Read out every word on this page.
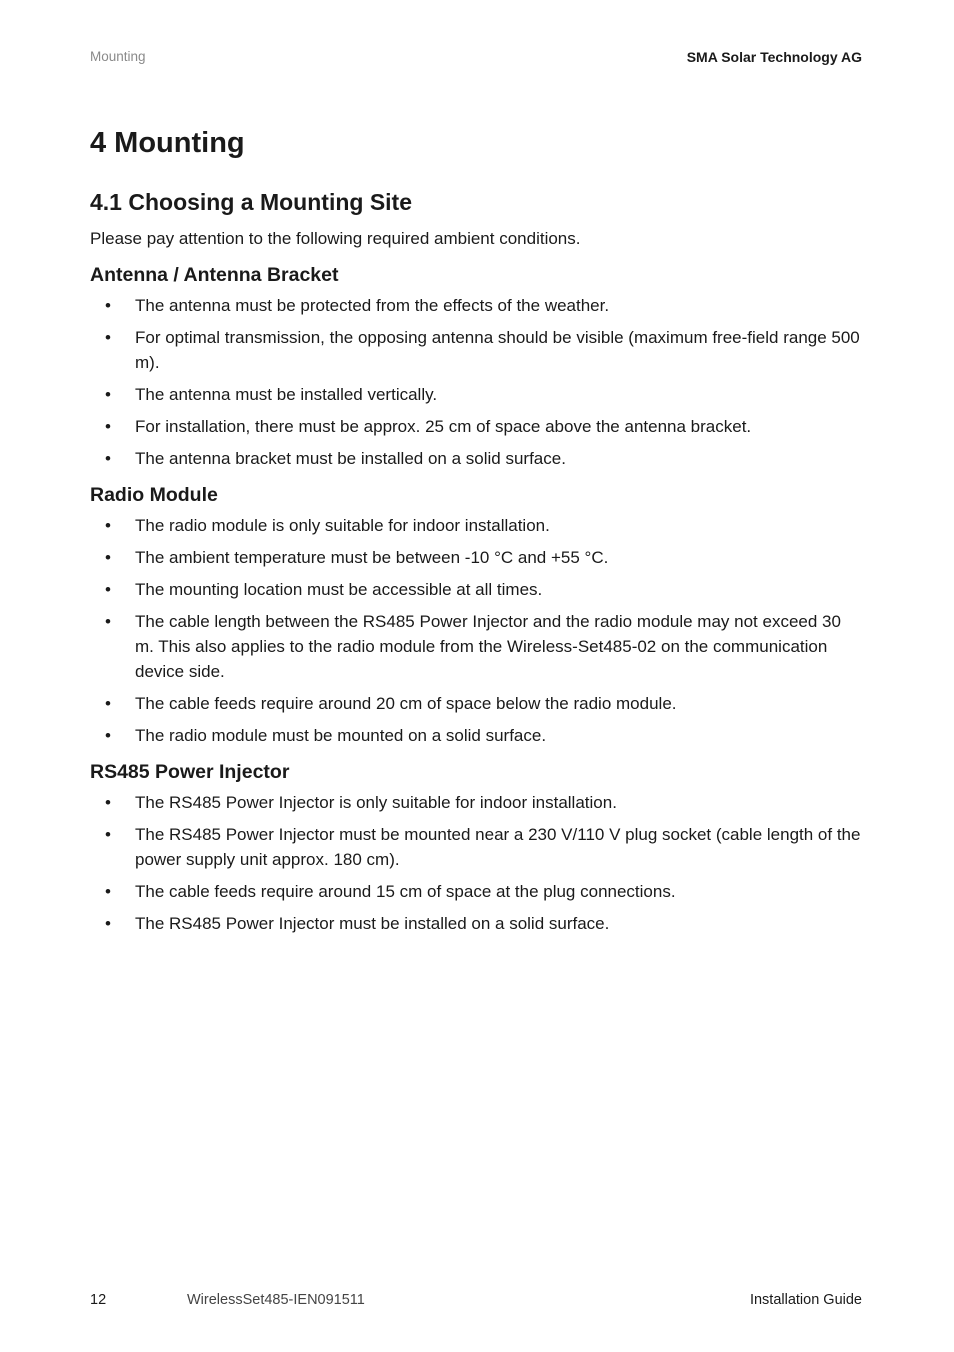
Mounting	SMA Solar Technology AG
4 Mounting
4.1 Choosing a Mounting Site

Please pay attention to the following required ambient conditions.

Antenna / Antenna Bracket
• The antenna must be protected from the effects of the weather.
• For optimal transmission, the opposing antenna should be visible (maximum free-field range 500 m).
• The antenna must be installed vertically.
• For installation, there must be approx. 25 cm of space above the antenna bracket.
• The antenna bracket must be installed on a solid surface.
Radio Module
• The radio module is only suitable for indoor installation.
• The ambient temperature must be between -10 °C and +55 °C.
• The mounting location must be accessible at all times.
• The cable length between the RS485 Power Injector and the radio module may not exceed 30 m. This also applies to the radio module from the Wireless-Set485-02 on the communication device side.
• The cable feeds require around 20 cm of space below the radio module.
• The radio module must be mounted on a solid surface.
RS485 Power Injector
• The RS485 Power Injector is only suitable for indoor installation.
• The RS485 Power Injector must be mounted near a 230 V/110 V plug socket (cable length of the power supply unit approx. 180 cm).
• The cable feeds require around 15 cm of space at the plug connections.
• The RS485 Power Injector must be installed on a solid surface.
12	WirelessSet485-IEN091511	Installation Guide
